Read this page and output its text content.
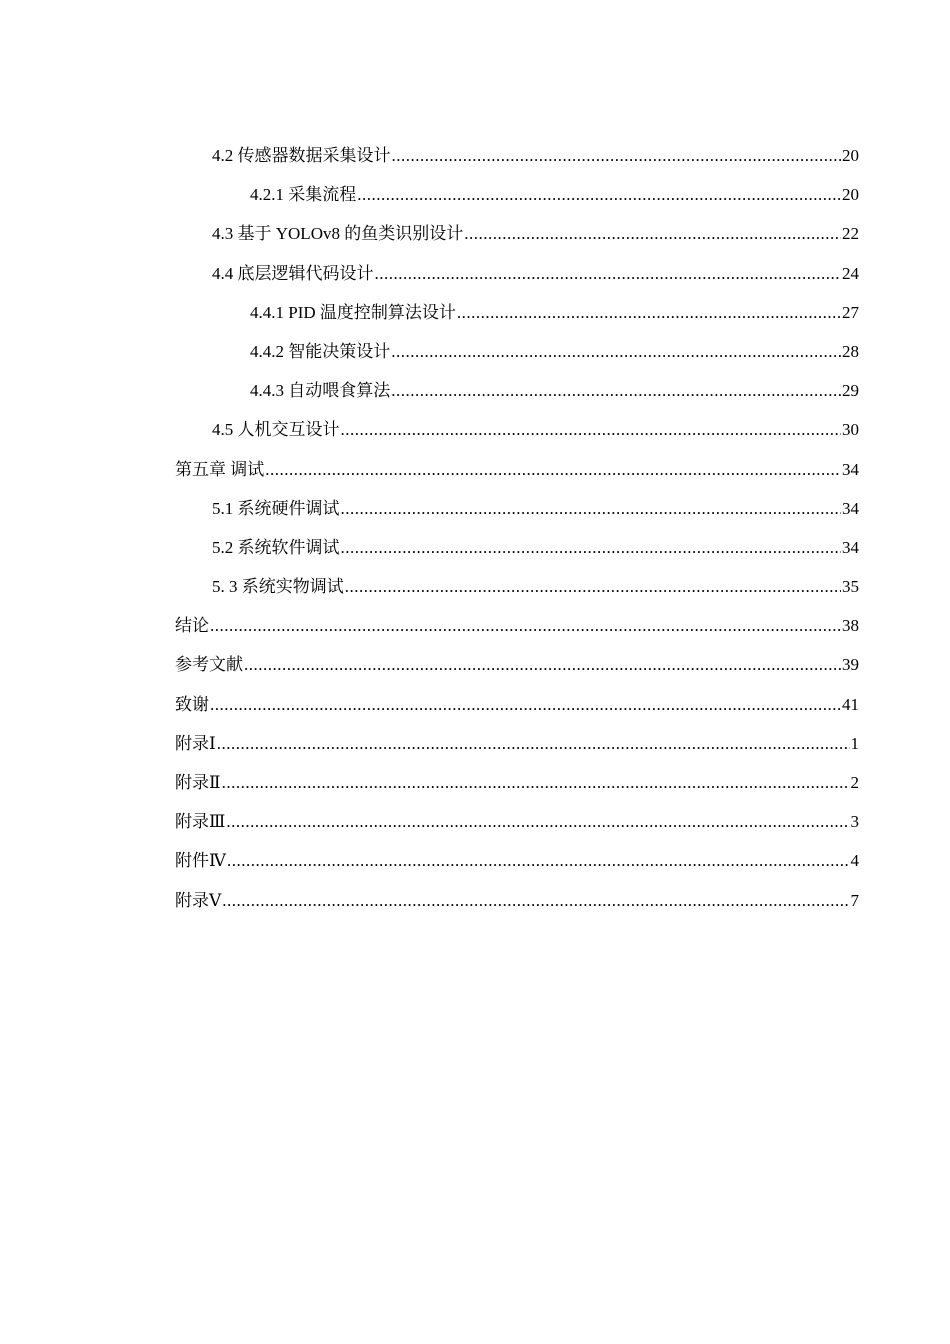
4.2 传感器数据采集设计 .....	20
4.2.1 采集流程 .....	20
4.3 基于 YOLOv8 的鱼类识别设计 .....	22
4.4 底层逻辑代码设计 .....	24
4.4.1 PID 温度控制算法设计 .....	27
4.4.2 智能决策设计 .....	28
4.4.3 自动喂食算法 .....	29
4.5 人机交互设计 .....	30
第五章 调试 .....	34
5.1 系统硬件调试 .....	34
5.2 系统软件调试 .....	34
5. 3 系统实物调试 .....	35
结论 .....	38
参考文献 .....	39
致谢 .....	41
附录Ⅰ .....	1
附录Ⅱ .....	2
附录Ⅲ .....	3
附件Ⅳ .....	4
附录Ⅴ .....	7
